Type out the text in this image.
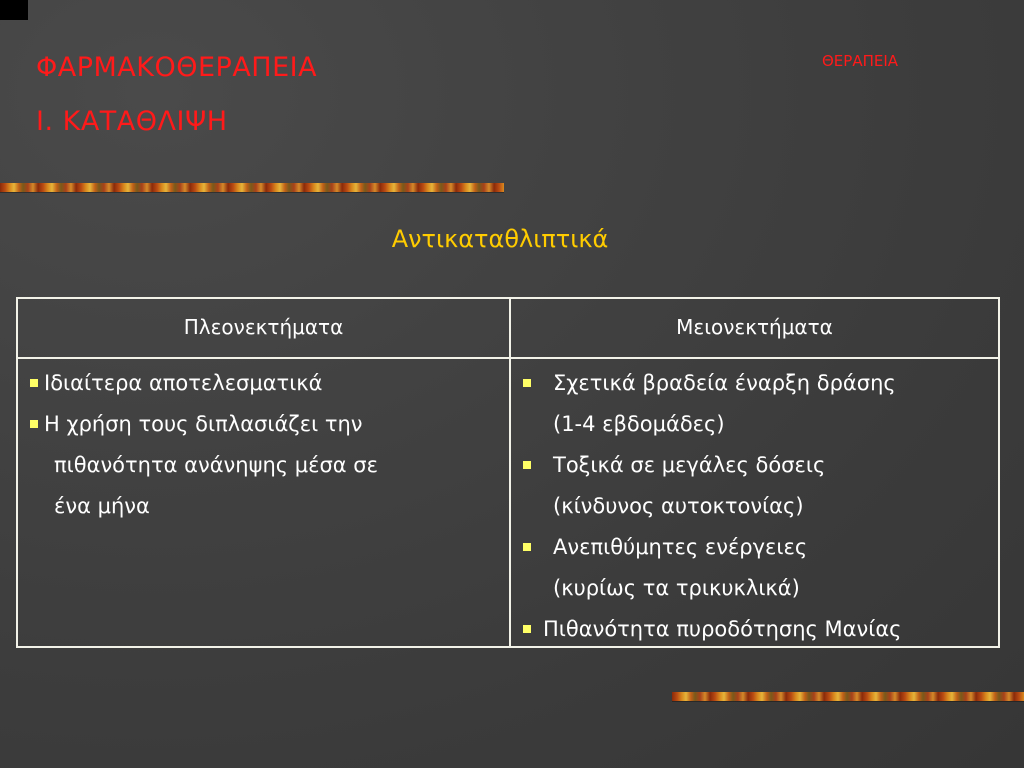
ΦΑΡΜΑΚΟΘΕΡΑΠΕΙΑ
Ι. ΚΑΤΑΘΛΙΨΗ
ΘΕΡΑΠΕΙΑ
Αντικαταθλιπτικά
Πλεονεκτήματα	Μειονεκτήματα
Ιδιαίτερα αποτελεσματικά
Η χρήση τους διπλασιάζει την
πιθανότητα ανάνηψης μέσα σε
ένα μήνα
Σχετικά βραδεία έναρξη δράσης
(1-4 εβδομάδες)
Τοξικά σε μεγάλες δόσεις
(κίνδυνος αυτοκτονίας)
Ανεπιθύμητες ενέργειες
(κυρίως τα τρικυκλικά)
Πιθανότητα πυροδότησης Μανίας
